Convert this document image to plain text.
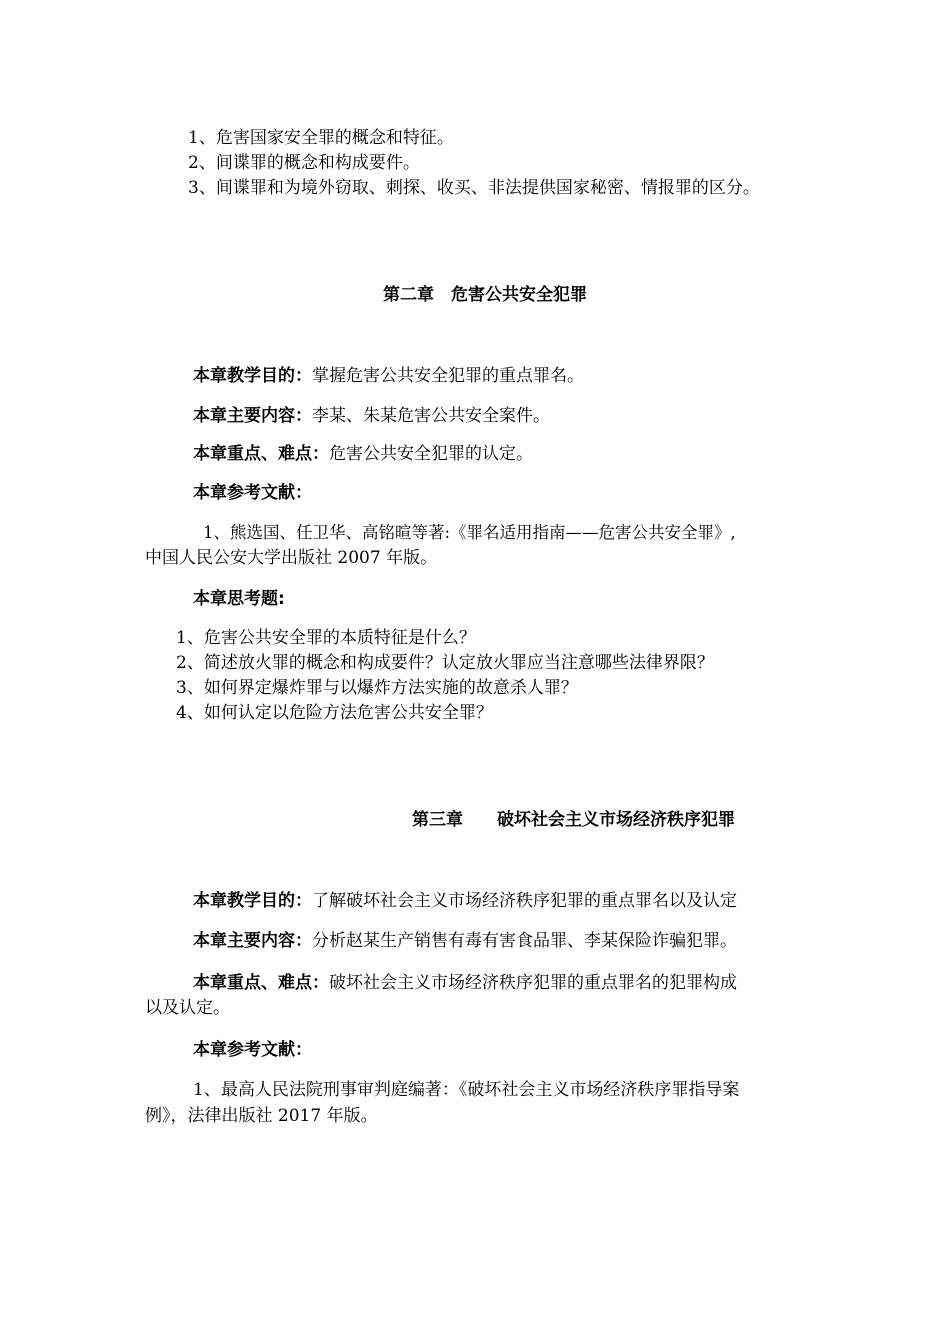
1、危害国家安全罪的概念和特征。
2、间谍罪的概念和构成要件。
3、间谍罪和为境外窃取、刺探、收买、非法提供国家秘密、情报罪的区分。
第二章　危害公共安全犯罪
本章教学目的：掌握危害公共安全犯罪的重点罪名。
本章主要内容：李某、朱某危害公共安全案件。
本章重点、难点：危害公共安全犯罪的认定。
本章参考文献：
1、熊选国、任卫华、高铭暄等著:《罪名适用指南——危害公共安全罪》,
中国人民公安大学出版社 2007 年版。
本章思考题:
1、危害公共安全罪的本质特征是什么？
2、简述放火罪的概念和构成要件？认定放火罪应当注意哪些法律界限？
3、如何界定爆炸罪与以爆炸方法实施的故意杀人罪？
4、如何认定以危险方法危害公共安全罪？
第三章　　破坏社会主义市场经济秩序犯罪
本章教学目的：了解破坏社会主义市场经济秩序犯罪的重点罪名以及认定
本章主要内容：分析赵某生产销售有毒有害食品罪、李某保险诈骗犯罪。
本章重点、难点：破坏社会主义市场经济秩序犯罪的重点罪名的犯罪构成
以及认定。
本章参考文献：
1、最高人民法院刑事审判庭编著：《破坏社会主义市场经济秩序罪指导案
例》，法律出版社 2017 年版。
